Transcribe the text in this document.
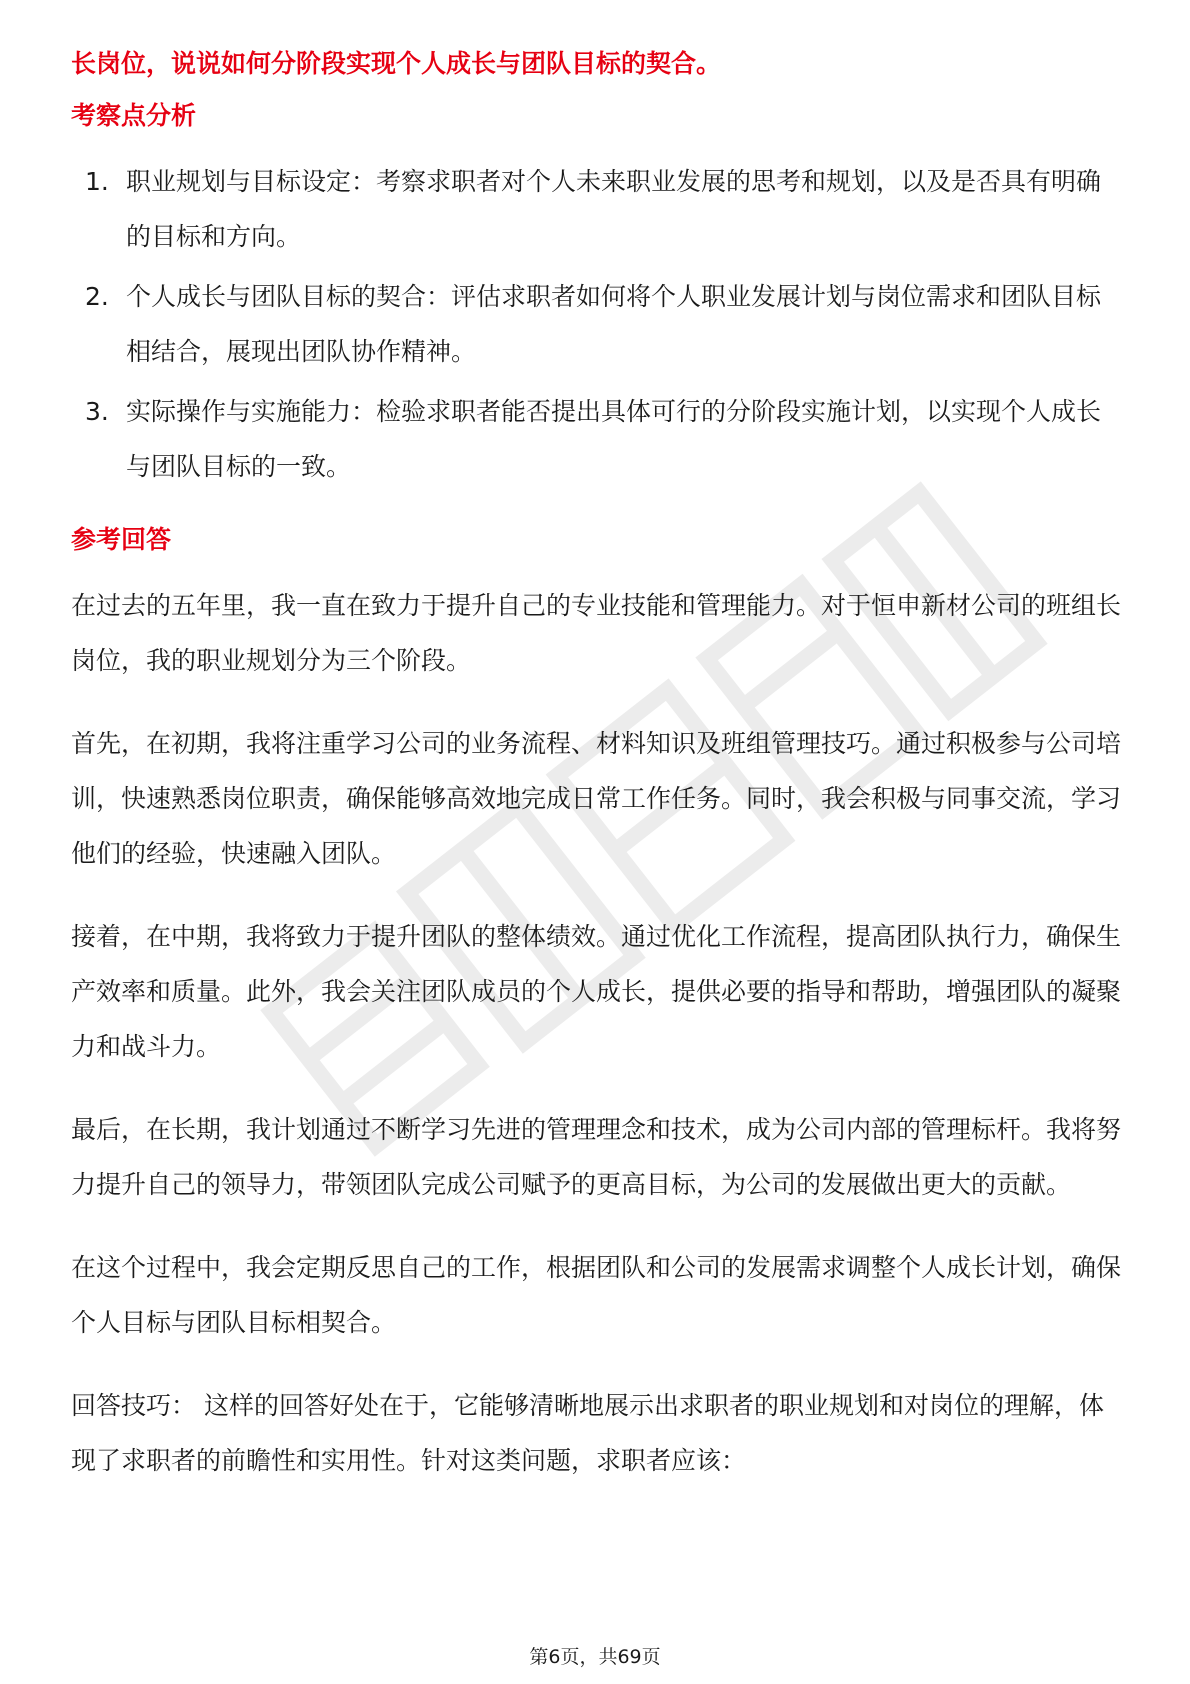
长岗位，说说如何分阶段实现个人成长与团队目标的契合。
考察点分析
1. 职业规划与目标设定：考察求职者对个人未来职业发展的思考和规划，以及是否具有明确的目标和方向。
2. 个人成长与团队目标的契合：评估求职者如何将个人职业发展计划与岗位需求和团队目标相结合，展现出团队协作精神。
3. 实际操作与实施能力：检验求职者能否提出具体可行的分阶段实施计划，以实现个人成长与团队目标的一致。
参考回答

在过去的五年里，我一直在致力于提升自己的专业技能和管理能力。对于恒申新材公司的班组长岗位，我的职业规划分为三个阶段。

首先，在初期，我将注重学习公司的业务流程、材料知识及班组管理技巧。通过积极参与公司培训，快速熟悉岗位职责，确保能够高效地完成日常工作任务。同时，我会积极与同事交流，学习他们的经验，快速融入团队。

接着，在中期，我将致力于提升团队的整体绩效。通过优化工作流程，提高团队执行力，确保生产效率和质量。此外，我会关注团队成员的个人成长，提供必要的指导和帮助，增强团队的凝聚力和战斗力。

最后，在长期，我计划通过不断学习先进的管理理念和技术，成为公司内部的管理标杆。我将努力提升自己的领导力，带领团队完成公司赋予的更高目标，为公司的发展做出更大的贡献。

在这个过程中，我会定期反思自己的工作，根据团队和公司的发展需求调整个人成长计划，确保个人目标与团队目标相契合。

回答技巧： 这样的回答好处在于，它能够清晰地展示出求职者的职业规划和对岗位的理解，体现了求职者的前瞻性和实用性。针对这类问题，求职者应该：

第6页，共69页
